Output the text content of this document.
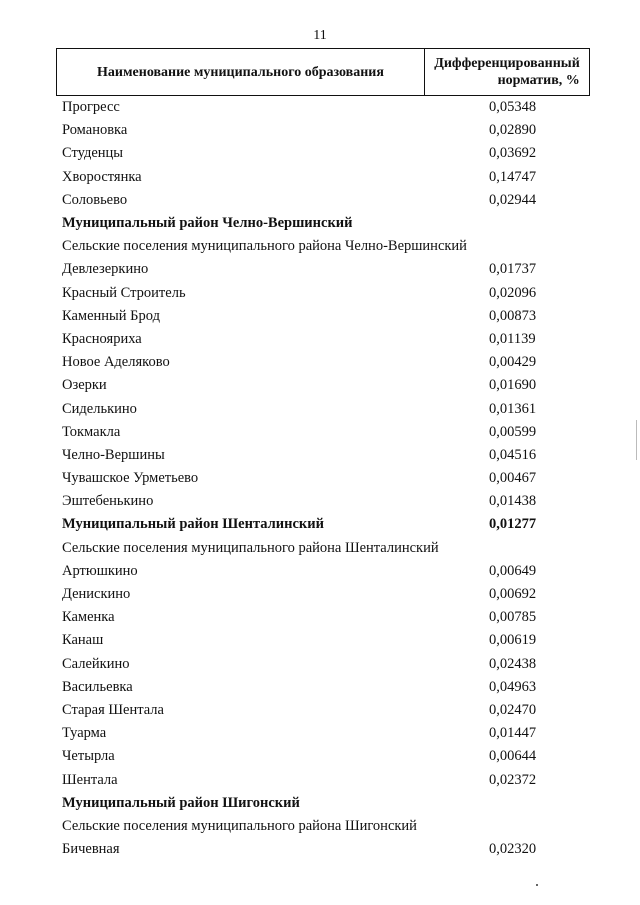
11
Наименование муниципального образования
Дифференцированный
норматив, %
Прогресс	0,05348
Романовка	0,02890
Студенцы	0,03692
Хворостянка	0,14747
Соловьево	0,02944
Муниципальный район Челно-Вершинский
Сельские поселения муниципального района Челно-Вершинский
Девлезеркино	0,01737
Красный Строитель	0,02096
Каменный Брод	0,00873
Краснояриха	0,01139
Новое Аделяково	0,00429
Озерки	0,01690
Сиделькино	0,01361
Токмакла	0,00599
Челно-Вершины	0,04516
Чувашское Урметьево	0,00467
Эштебенькино	0,01438
Муниципальный район Шенталинский	0,01277
Сельские поселения муниципального района Шенталинский
Артюшкино	0,00649
Денискино	0,00692
Каменка	0,00785
Канаш	0,00619
Салейкино	0,02438
Васильевка	0,04963
Старая Шентала	0,02470
Туарма	0,01447
Четырла	0,00644
Шентала	0,02372
Муниципальный район Шигонский
Сельские поселения муниципального района Шигонский
Бичевная	0,02320
